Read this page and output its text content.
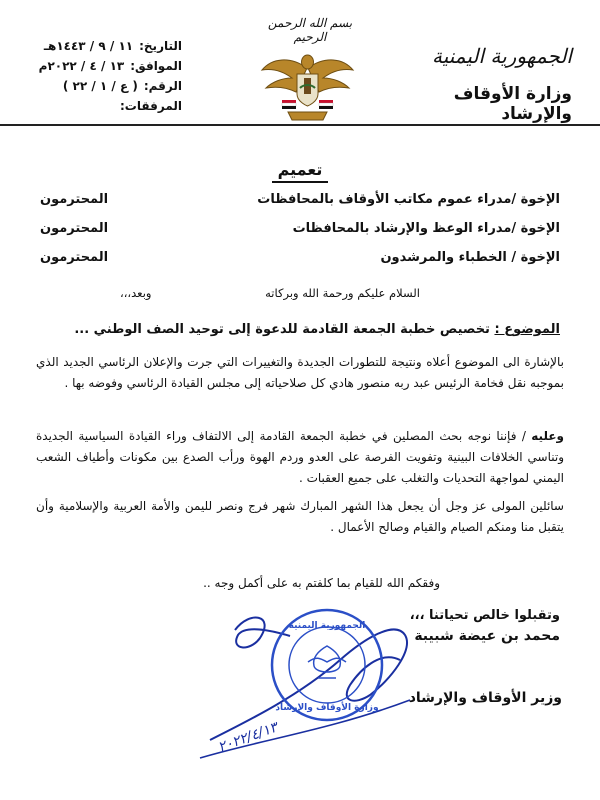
الجمهورية اليمنية
وزارة الأوقاف والإرشاد
بسم الله الرحمن الرحيم
التاريخ:
١١ / ٩ / ١٤٤٣هـ
الموافق:
١٣ / ٤ / ٢٠٢٢م
الرقم:
( ع / ١ / ٢٢ )
المرفقات:
تعميم
الإخوة /مدراء عموم مكاتب الأوقاف بالمحافظات
المحترمون
الإخوة /مدراء الوعظ والإرشاد بالمحافظات
المحترمون
الإخوة / الخطباء والمرشدون
المحترمون
السلام عليكم ورحمة الله وبركاته
وبعد،،،
الموضوع : تخصيص خطبة الجمعة القادمة للدعوة إلى توحيد الصف الوطني ...
بالإشارة الى الموضوع أعلاه ونتيجة للتطورات الجديدة والتغييرات التي جرت والإعلان الرئاسي الجديد الذي بموجبه نقل فخامة الرئيس عبد ربه منصور هادي كل صلاحياته إلى مجلس القيادة الرئاسي وفوضه بها .
وعليه / فإننا نوجه بحث المصلين في خطبة الجمعة القادمة إلى الالتفاف وراء القيادة السياسية الجديدة وتناسي الخلافات البينية وتفويت الفرصة على العدو وردم الهوة ورأب الصدع بين مكونات وأطياف الشعب اليمني لمواجهة التحديات والتغلب على جميع العقبات .
سائلين المولى عز وجل أن يجعل هذا الشهر المبارك شهر فرج ونصر لليمن والأمة العربية والإسلامية وأن يتقبل منا ومنكم الصيام والقيام وصالح الأعمال .
وفقكم الله للقيام بما كلفتم به على أكمل وجه ..
وتقبلوا خالص تحياتنا ،،،
محمد بن عيضة شبيبة
وزير الأوقاف والإرشاد
٢٠٢٢/٤/١٣
الجمهورية اليمنية
وزارة الأوقاف والإرشاد
